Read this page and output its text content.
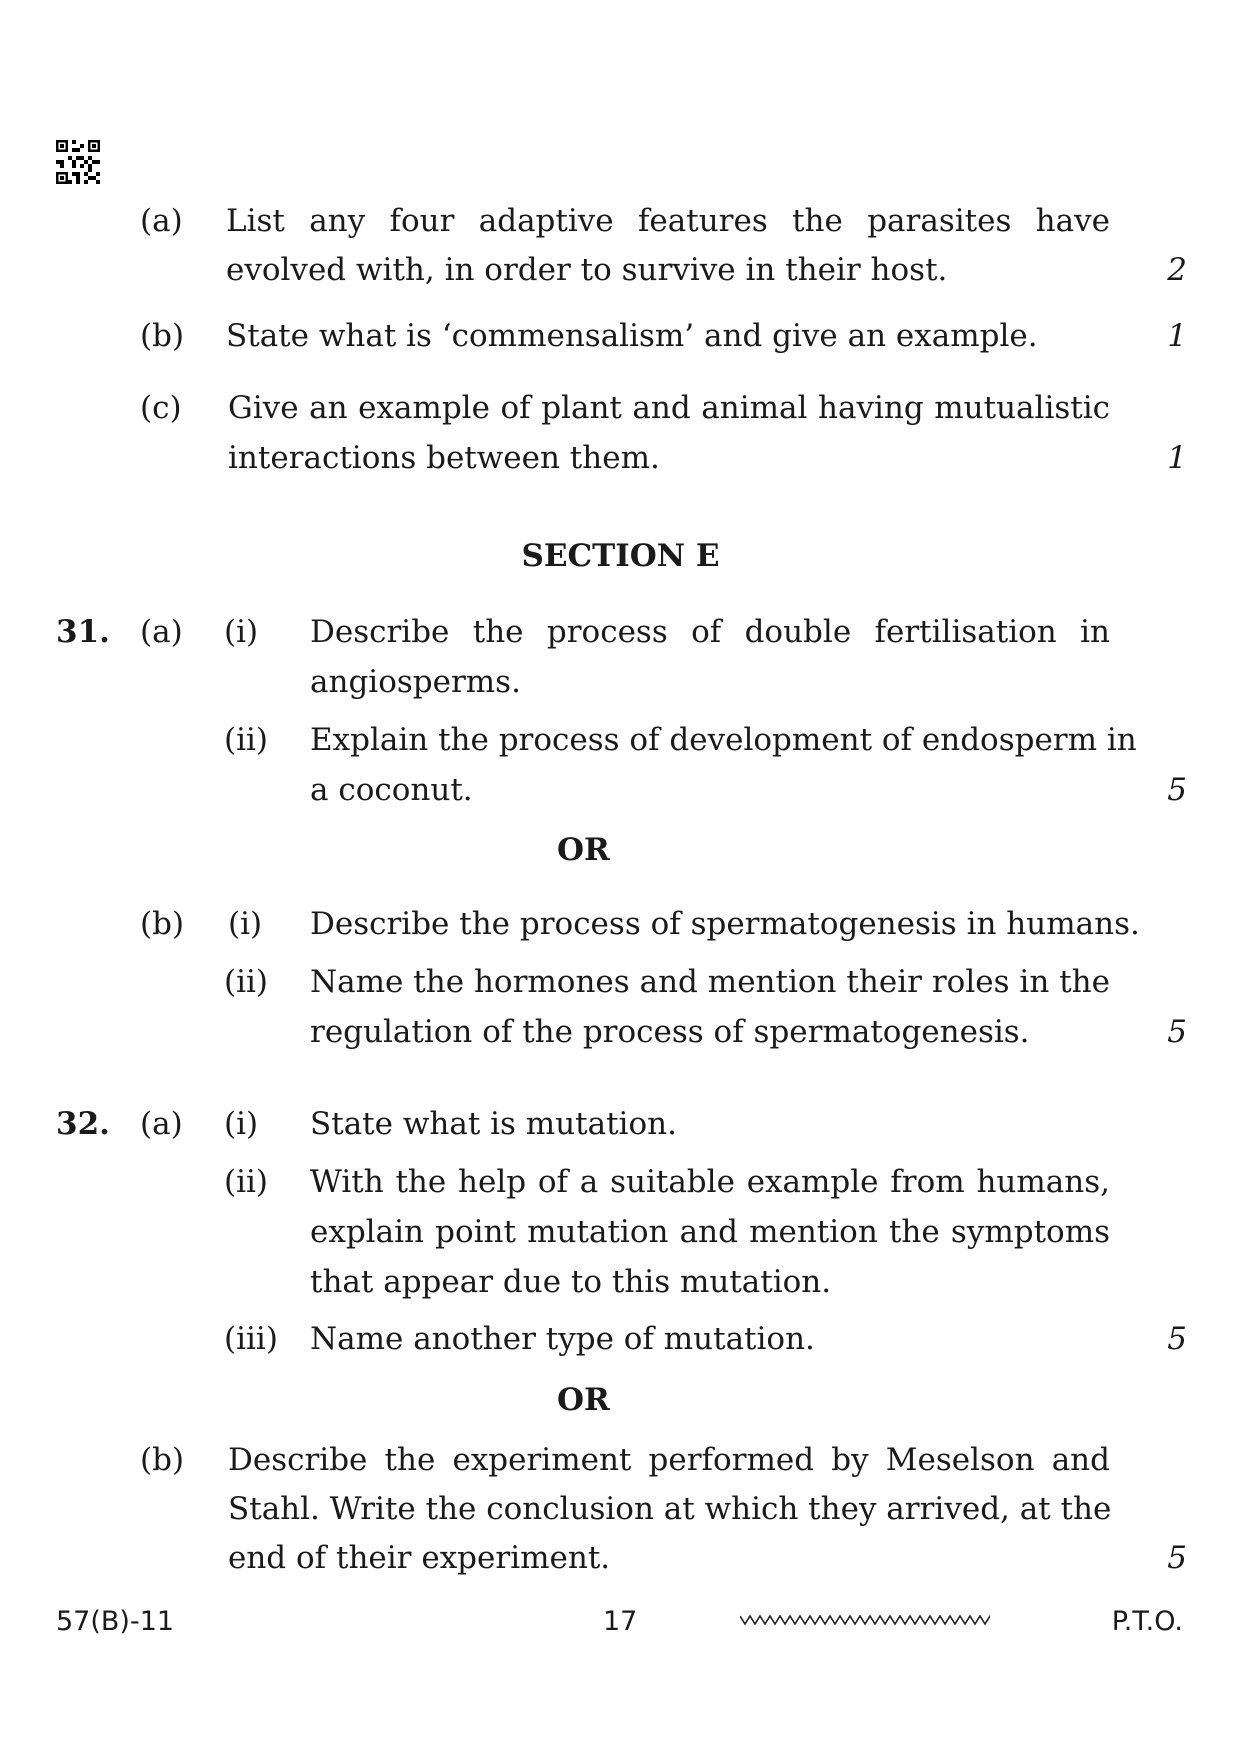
(a) List any four adaptive features the parasites have
evolved with, in order to survive in their host.	2
(b) State what is ‘commensalism’ and give an example.	1
(c) Give an example of plant and animal having mutualistic
interactions between them.	1
SECTION E
31. (a) (i) Describe the process of double fertilisation in
angiosperms.
(ii) Explain the process of development of endosperm in
a coconut.	5
OR
(b) (i) Describe the process of spermatogenesis in humans.
(ii) Name the hormones and mention their roles in the
regulation of the process of spermatogenesis.	5
32. (a) (i) State what is mutation.
(ii) With the help of a suitable example from humans,
explain point mutation and mention the symptoms
that appear due to this mutation.
(iii) Name another type of mutation.	5
OR
(b) Describe the experiment performed by Meselson and
Stahl. Write the conclusion at which they arrived, at the
end of their experiment.	5
57(B)-11	17	P.T.O.
